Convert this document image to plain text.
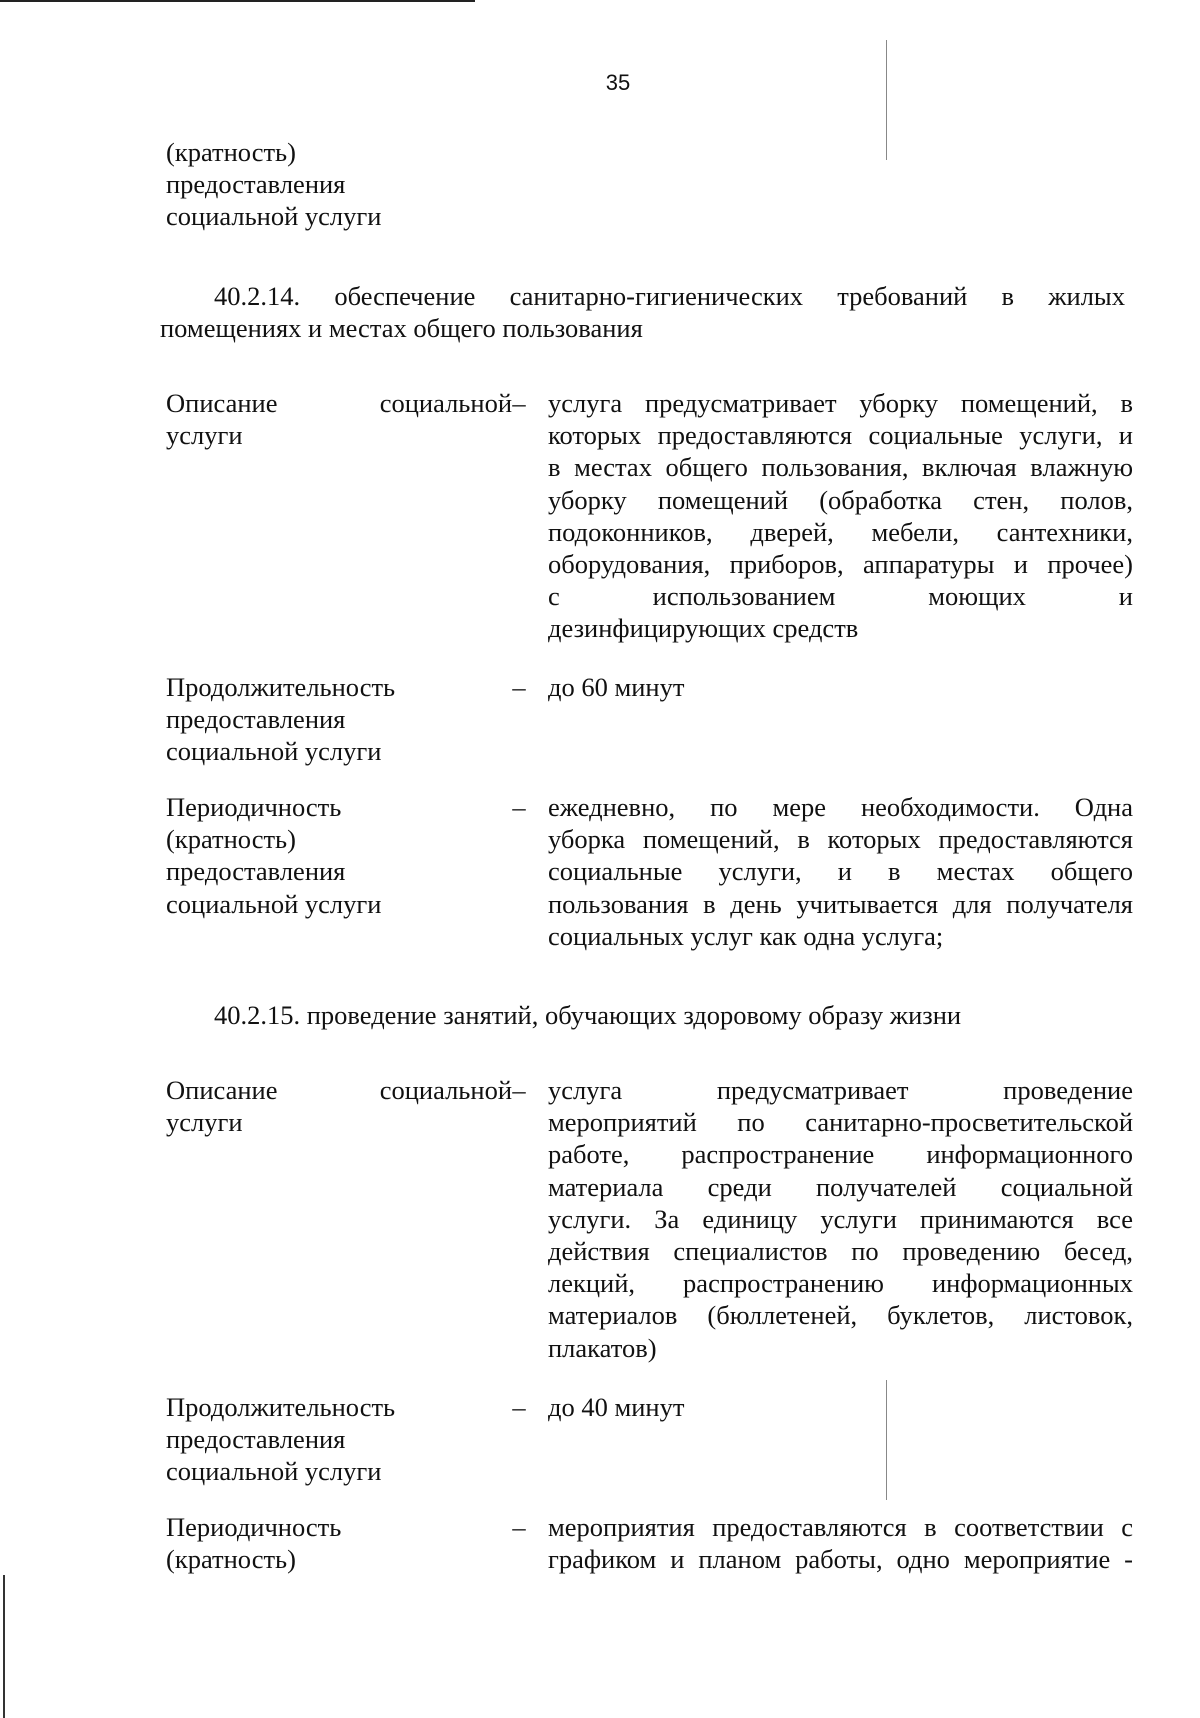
35
(кратность)
предоставления
социальной услуги
40.2.14. обеспечение санитарно-гигиенических требований в жилых
помещениях и местах общего пользования
Описание	социальной
услуги
– услуга предусматривает уборку помещений, в
которых предоставляются социальные услуги, и
в местах общего пользования, включая влажную
уборку помещений (обработка стен, полов,
подоконников, дверей, мебели, сантехники,
оборудования, приборов, аппаратуры и прочее)
с использованием моющих и
дезинфицирующих средств
Продолжительность
предоставления
социальной услуги
– до 60 минут
Периодичность
(кратность)
предоставления
социальной услуги
– ежедневно, по мере необходимости. Одна
уборка помещений, в которых предоставляются
социальные услуги, и в местах общего
пользования в день учитывается для получателя
социальных услуг как одна услуга;
40.2.15. проведение занятий, обучающих здоровому образу жизни
Описание	социальной
услуги
– услуга предусматривает проведение
мероприятий по санитарно-просветительской
работе, распространение информационного
материала среди получателей социальной
услуги. За единицу услуги принимаются все
действия специалистов по проведению бесед,
лекций, распространению информационных
материалов (бюллетеней, буклетов, листовок,
плакатов)
Продолжительность
предоставления
социальной услуги
– до 40 минут
Периодичность
(кратность)
– мероприятия предоставляются в соответствии с
графиком и планом работы, одно мероприятие -
